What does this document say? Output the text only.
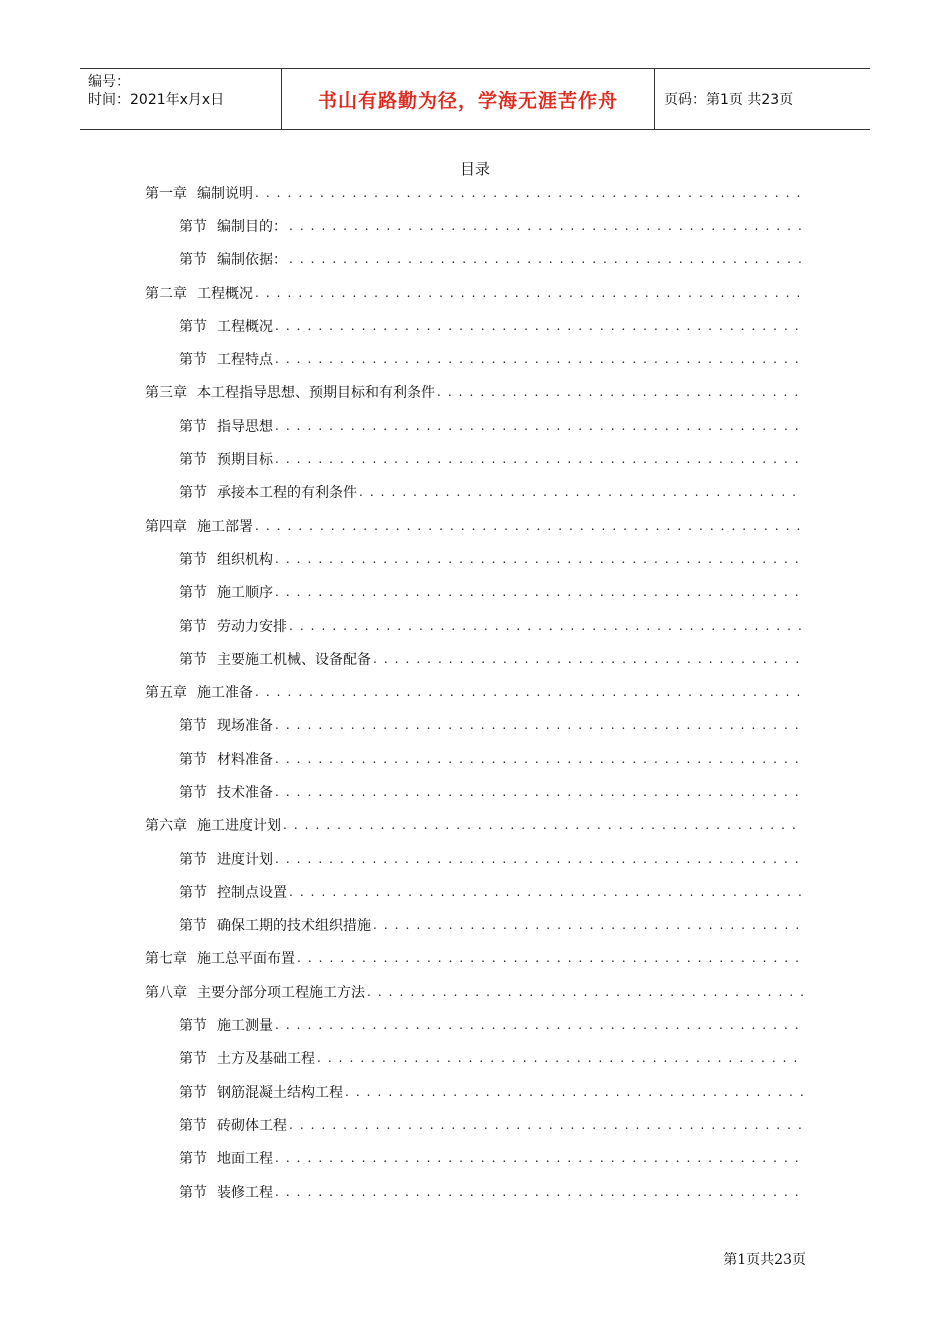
编号：
时间：2021年x月x日	书山有路勤为径，学海无涯苦作舟	页码：第1页 共23页
目录
第一章 编制说明
. . .
第节 编制目的：
. . .
第节 编制依据：
. . .
第二章 工程概况
. . .
第节 工程概况
. . .
第节 工程特点
. . .
第三章 本工程指导思想、预期目标和有利条件
. . .
第节 指导思想
. . .
第节 预期目标
. . .
第节 承接本工程的有利条件
. . .
第四章 施工部署
. . .
第节 组织机构
. . .
第节 施工顺序
. . .
第节 劳动力安排
. . .
第节 主要施工机械、设备配备
. . .
第五章 施工准备
. . .
第节 现场准备
. . .
第节 材料准备
. . .
第节 技术准备
. . .
第六章 施工进度计划
. . .
第节 进度计划
. . .
第节 控制点设置
. . .
第节 确保工期的技术组织措施
. . .
第七章 施工总平面布置
. . .
第八章 主要分部分项工程施工方法
. . .
第节 施工测量
. . .
第节 土方及基础工程
. . .
第节 钢筋混凝土结构工程
. . .
第节 砖砌体工程
. . .
第节 地面工程
. . .
第节 装修工程
. . .
第1页共23页
